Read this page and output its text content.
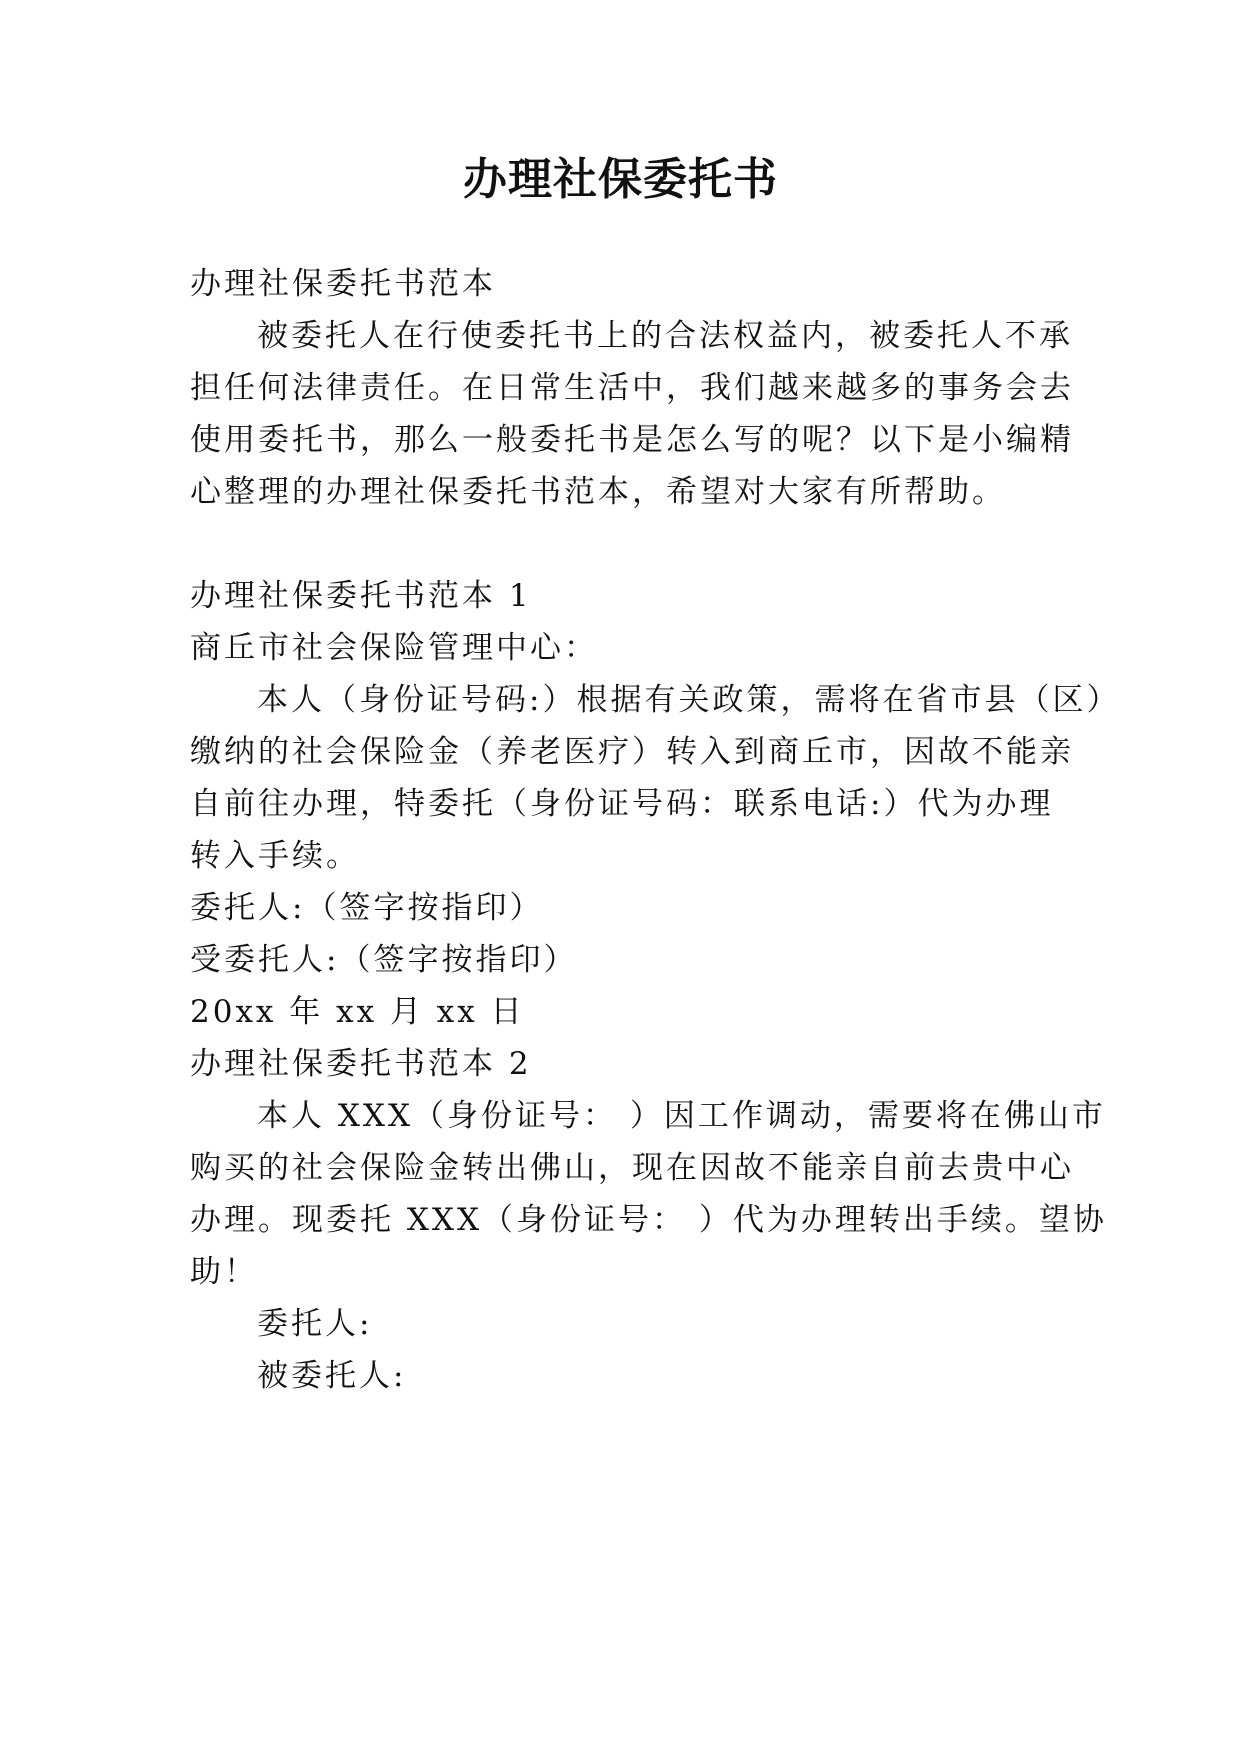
办理社保委托书
办理社保委托书范本
被委托人在行使委托书上的合法权益内，被委托人不承
担任何法律责任。在日常生活中，我们越来越多的事务会去
使用委托书，那么一般委托书是怎么写的呢？以下是小编精
心整理的办理社保委托书范本，希望对大家有所帮助。
办理社保委托书范本 1
商丘市社会保险管理中心：
本人（身份证号码:）根据有关政策，需将在省市县（区）
缴纳的社会保险金（养老医疗）转入到商丘市，因故不能亲
自前往办理，特委托（身份证号码：联系电话:）代为办理
转入手续。
委托人:（签字按指印）
受委托人:（签字按指印）
20xx 年 xx 月 xx 日
办理社保委托书范本 2
本人 XXX（身份证号： ）因工作调动，需要将在佛山市
购买的社会保险金转出佛山，现在因故不能亲自前去贵中心
办理。现委托 XXX（身份证号： ）代为办理转出手续。望协
助！
委托人:
被委托人:
